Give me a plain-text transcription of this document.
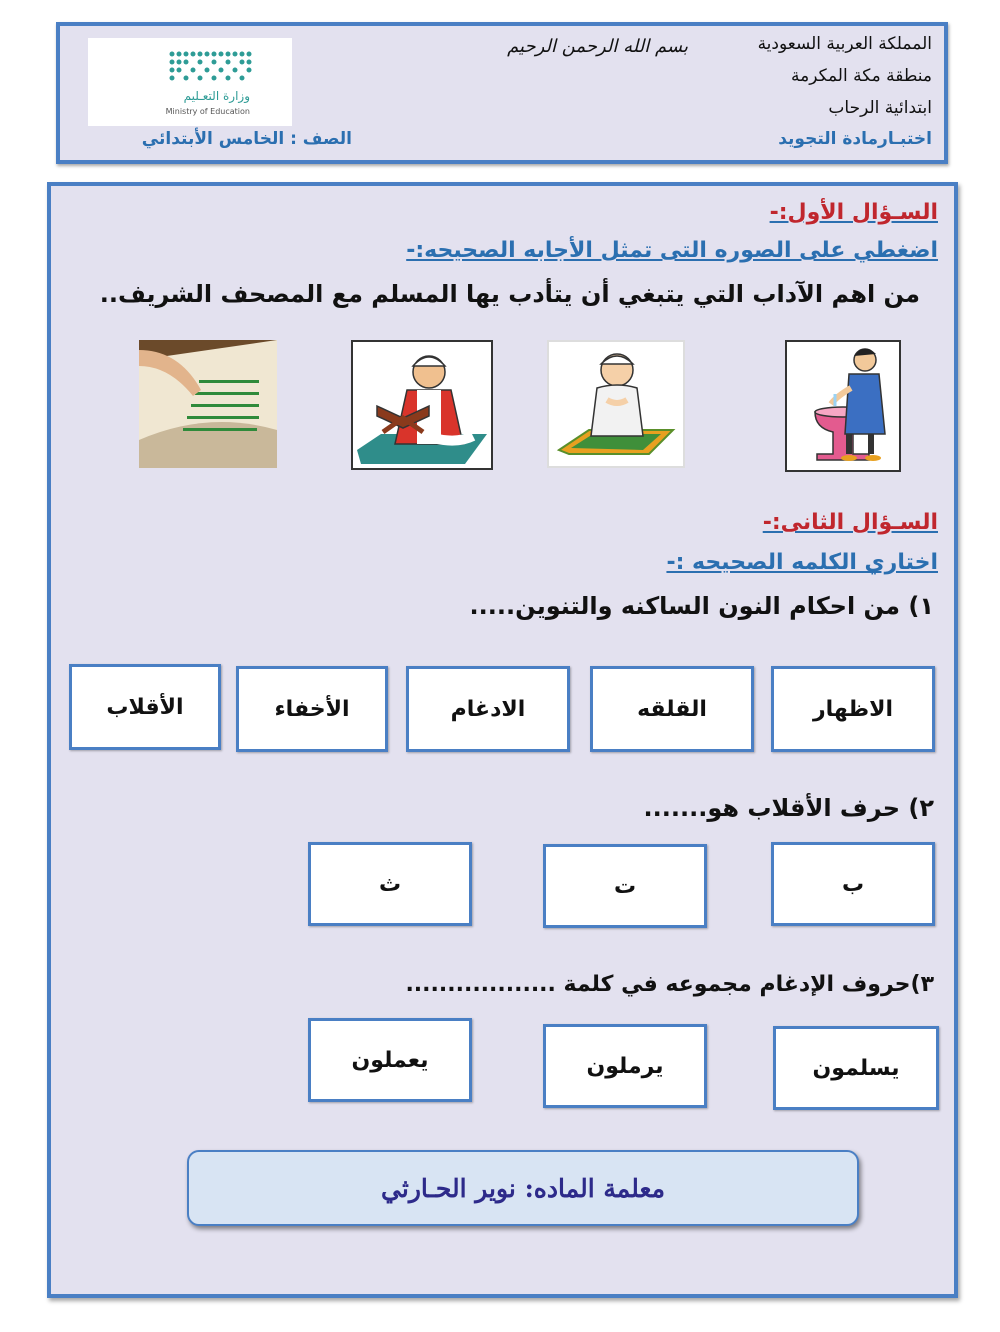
المملكة العربية السعودية
منطقة مكة المكرمة
ابتدائية الرحاب
اختبـارمادة التجويد
بسم الله الرحمن الرحيم
الصف : الخامس الأبتدائي
وزارة التعـليم
Ministry of Education
السـؤال الأول:-
اضغطي على الصوره التى تمثل الأجابه الصحيحه:-
من اهم الآداب التي يتبغي أن يتأدب يها المسلم مع المصحف الشريف..
السـؤال الثانى:-
اختاري الكلمه الصحيحه :-
١) من احكام النون الساكنه والتنوين.....
الاظهار
القلقه
الادغام
الأخفاء
الأقلاب
٢) حرف الأقلاب هو.......
ب
ت
ث
٣)حروف الإدغام مجموعه في كلمة ..................
يسلمون
يرملون
يعملون
معلمة الماده: نوير الحـارثي
